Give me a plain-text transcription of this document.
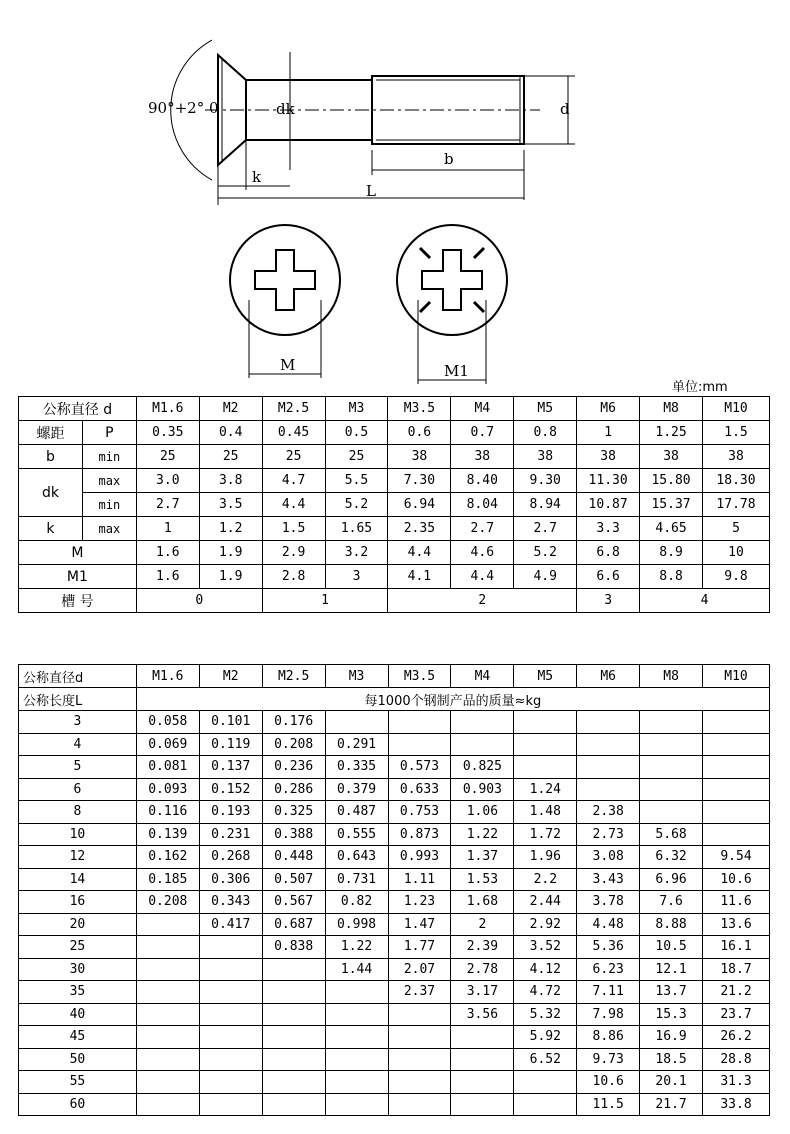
90°+2° 0	dk	d
b
k
L
M	M1
单位:mm
公称直径 d		M1.6	M2	M2.5	M3	M3.5	M4	M5	M6	M8	M10
螺距	P	0.35	0.4	0.45	0.5	0.6	0.7	0.8	1	1.25	1.5
b	min	25	25	25	25	38	38	38	38	38	38
dk	max	3.0	3.8	4.7	5.5	7.30	8.40	9.30	11.30	15.80	18.30
	min	2.7	3.5	4.4	5.2	6.94	8.04	8.94	10.87	15.37	17.78
k	max	1	1.2	1.5	1.65	2.35	2.7	2.7	3.3	4.65	5
M		1.6	1.9	2.9	3.2	4.4	4.6	5.2	6.8	8.9	10
M1		1.6	1.9	2.8	3	4.1	4.4	4.9	6.6	8.8	9.8
槽 号		0		1		2			3	4	
公称直径d	M1.6	M2	M2.5	M3	M3.5	M4	M5	M6	M8	M10
公称长度L	每1000个钢制产品的质量≈kg									
3	0.058	0.101	0.176							
4	0.069	0.119	0.208	0.291						
5	0.081	0.137	0.236	0.335	0.573	0.825				
6	0.093	0.152	0.286	0.379	0.633	0.903	1.24			
8	0.116	0.193	0.325	0.487	0.753	1.06	1.48	2.38		
10	0.139	0.231	0.388	0.555	0.873	1.22	1.72	2.73	5.68	
12	0.162	0.268	0.448	0.643	0.993	1.37	1.96	3.08	6.32	9.54
14	0.185	0.306	0.507	0.731	1.11	1.53	2.2	3.43	6.96	10.6
16	0.208	0.343	0.567	0.82	1.23	1.68	2.44	3.78	7.6	11.6
20		0.417	0.687	0.998	1.47	2	2.92	4.48	8.88	13.6
25			0.838	1.22	1.77	2.39	3.52	5.36	10.5	16.1
30				1.44	2.07	2.78	4.12	6.23	12.1	18.7
35					2.37	3.17	4.72	7.11	13.7	21.2
40						3.56	5.32	7.98	15.3	23.7
45							5.92	8.86	16.9	26.2
50							6.52	9.73	18.5	28.8
55								10.6	20.1	31.3
60								11.5	21.7	33.8
